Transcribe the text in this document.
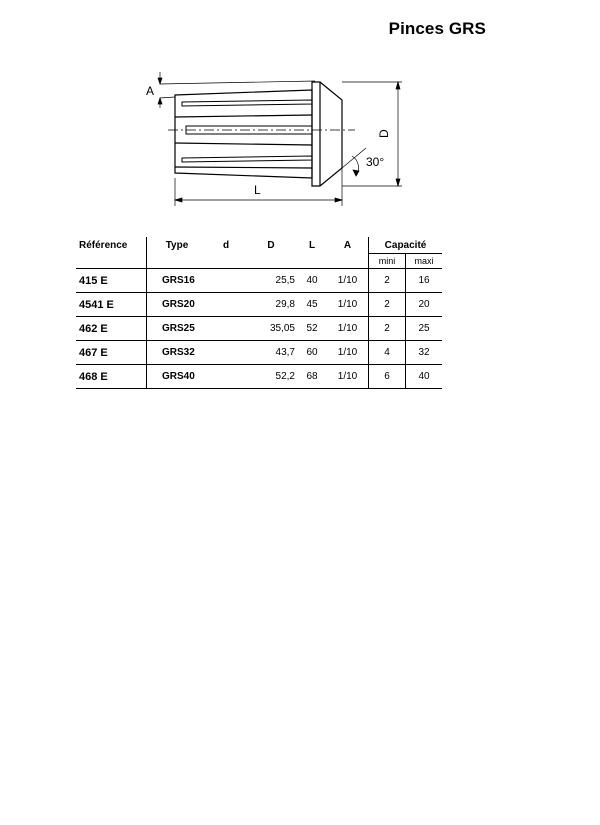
Pinces GRS
A
D
L
30°
Référence	Type	d	D	L	A	Capacité	
						mini	maxi
415 E	GRS16		25,5	40	1/10	2	16
4541 E	GRS20		29,8	45	1/10	2	20
462 E	GRS25		35,05	52	1/10	2	25
467 E	GRS32		43,7	60	1/10	4	32
468 E	GRS40		52,2	68	1/10	6	40
